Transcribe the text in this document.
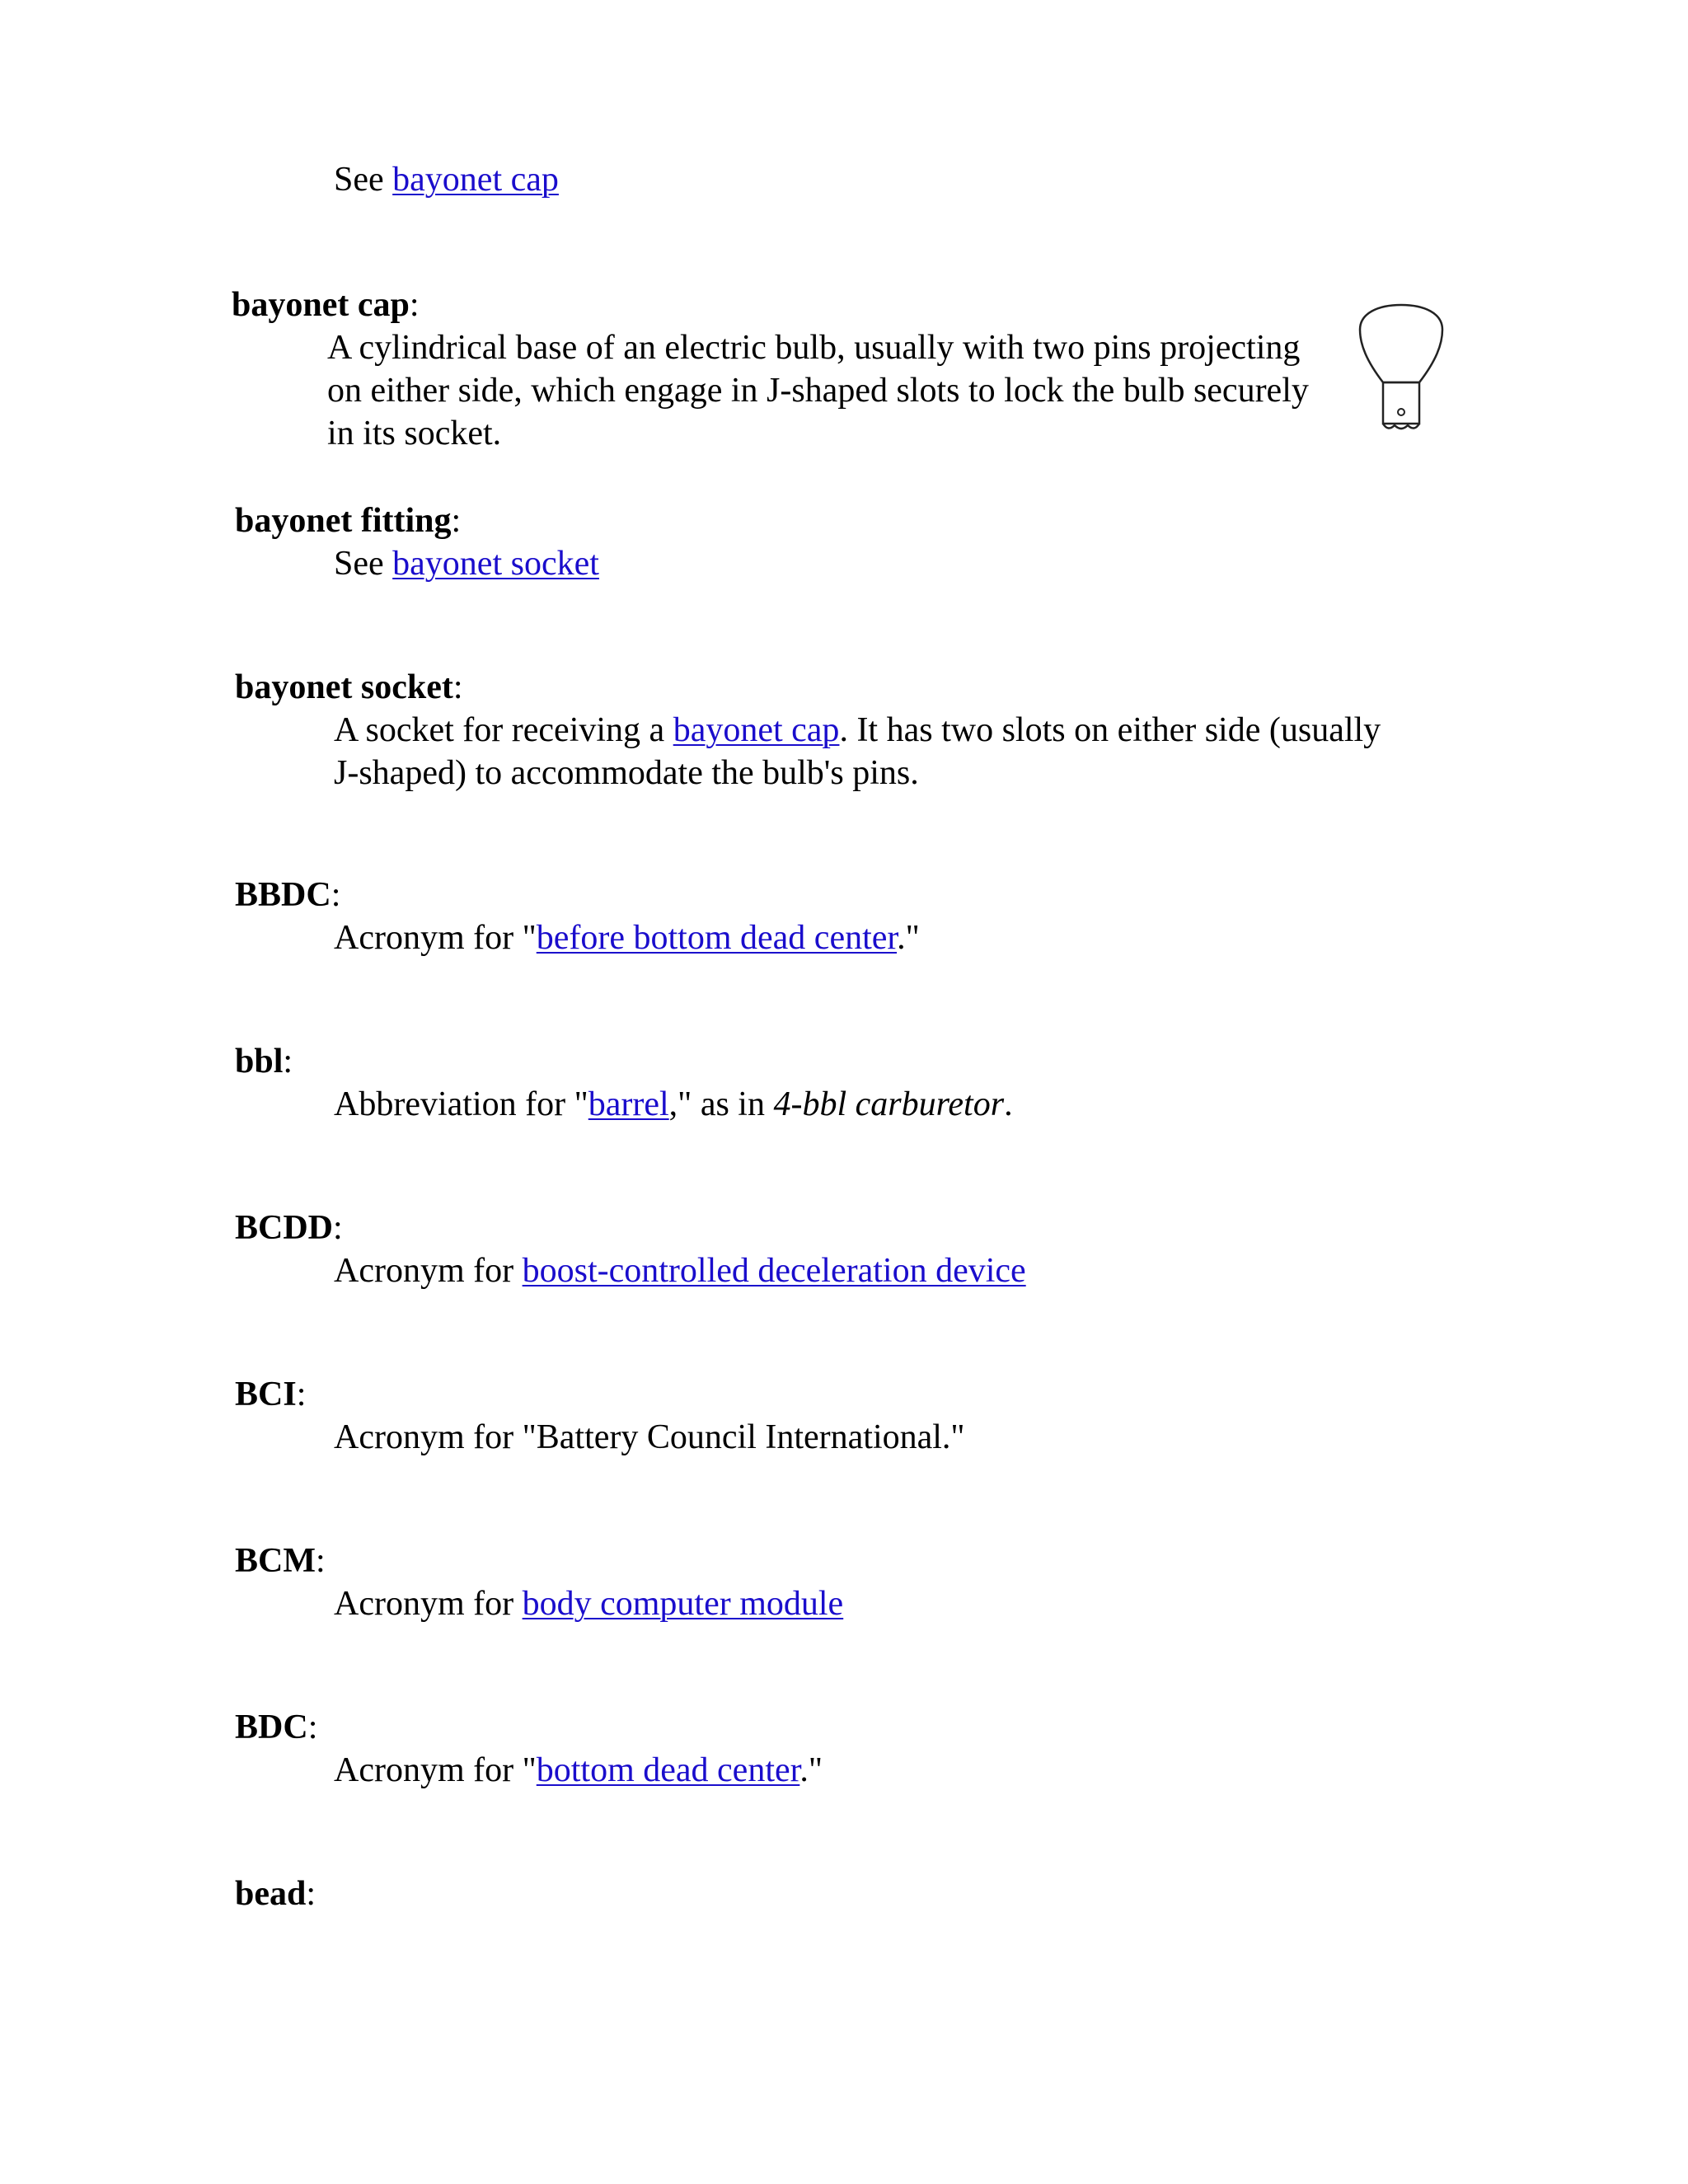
See bayonet cap

bayonet cap:

A cylindrical base of an electric bulb, usually with two pins projecting on either side, which engage in J-shaped slots to lock the bulb securely in its socket.

bayonet fitting:

See bayonet socket

bayonet socket:

A socket for receiving a bayonet cap. It has two slots on either side (usually J-shaped) to accommodate the bulb's pins.

BBDC:

Acronym for "before bottom dead center."

bbl:

Abbreviation for "barrel," as in 4-bbl carburetor.

BCDD:

Acronym for boost-controlled deceleration device

BCI:

Acronym for "Battery Council International."

BCM:

Acronym for body computer module

BDC:

Acronym for "bottom dead center."

bead:
